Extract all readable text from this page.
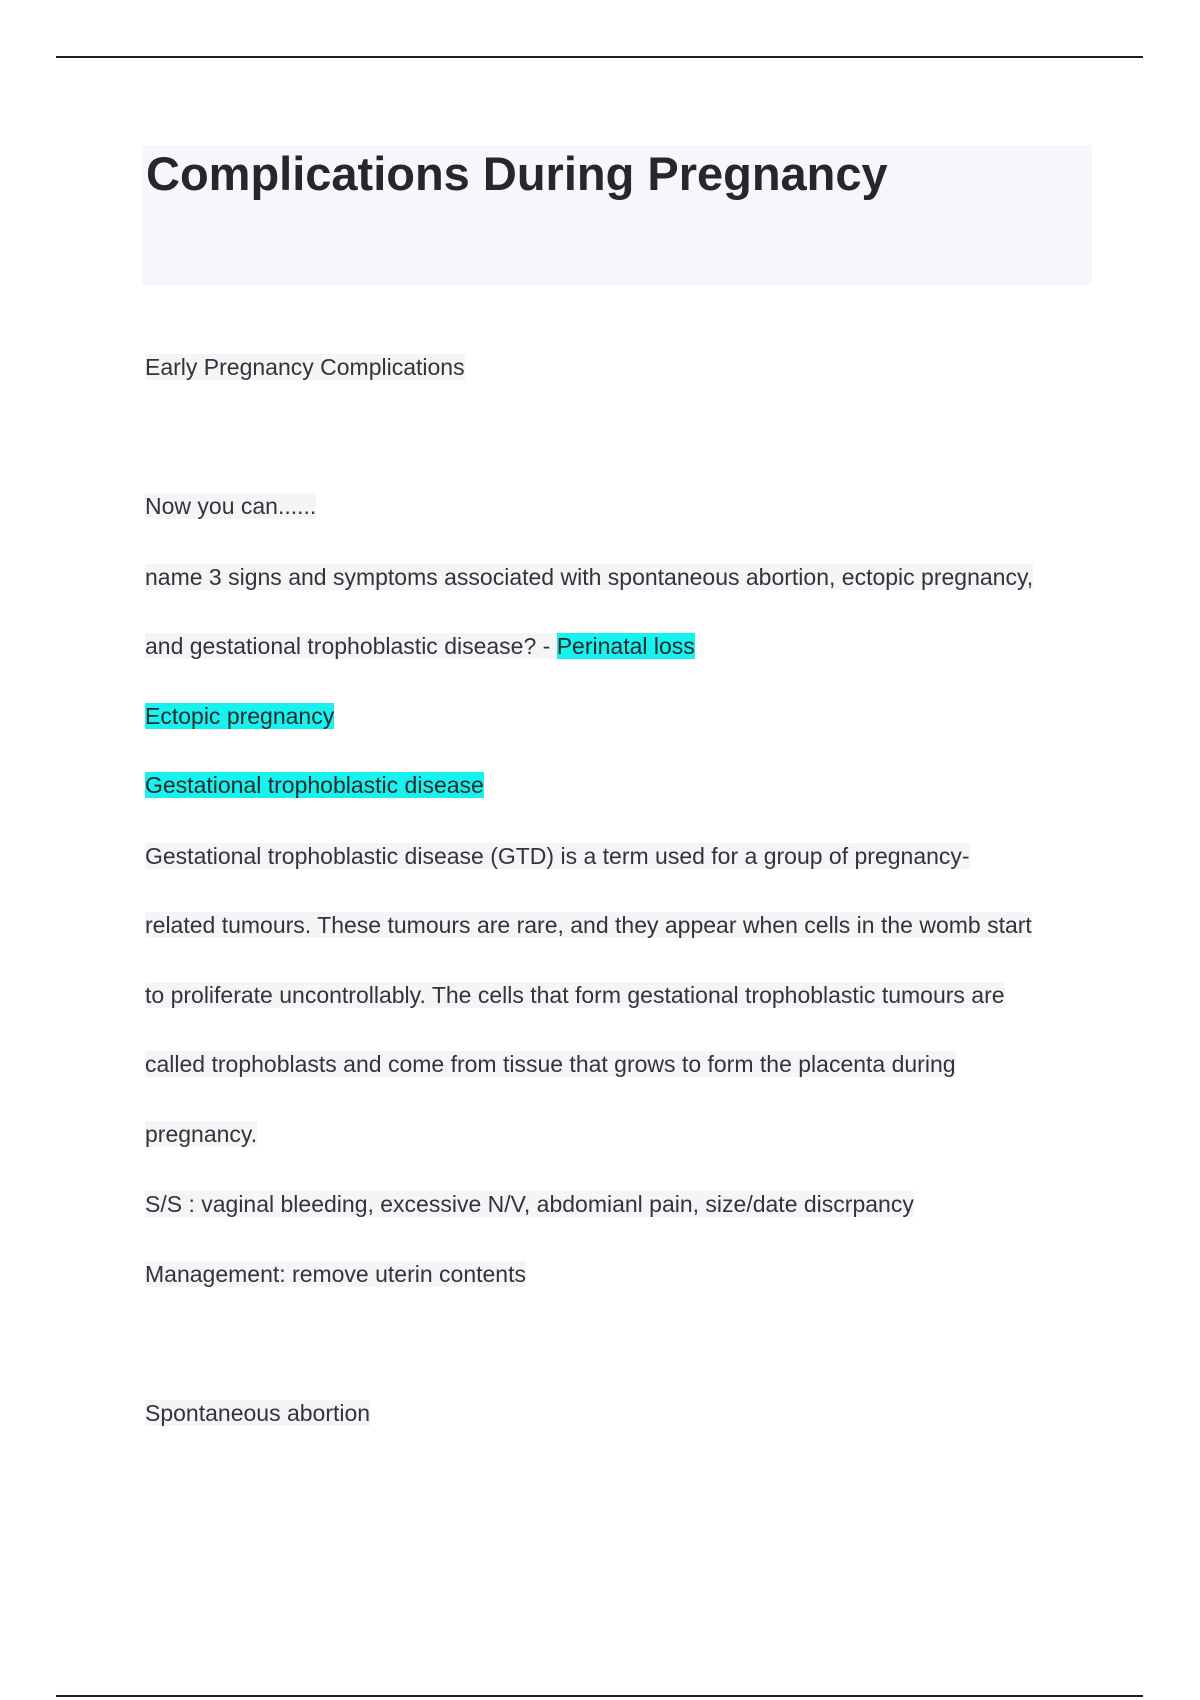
Complications During Pregnancy
Early Pregnancy Complications
Now you can......
name 3 signs and symptoms associated with spontaneous abortion, ectopic pregnancy,
and gestational trophoblastic disease? - Perinatal loss
Ectopic pregnancy
Gestational trophoblastic disease
Gestational trophoblastic disease (GTD) is a term used for a group of pregnancy-
related tumours. These tumours are rare, and they appear when cells in the womb start
to proliferate uncontrollably. The cells that form gestational trophoblastic tumours are
called trophoblasts and come from tissue that grows to form the placenta during
pregnancy.
S/S : vaginal bleeding, excessive N/V, abdomianl pain, size/date discrpancy
Management: remove uterin contents
Spontaneous abortion
